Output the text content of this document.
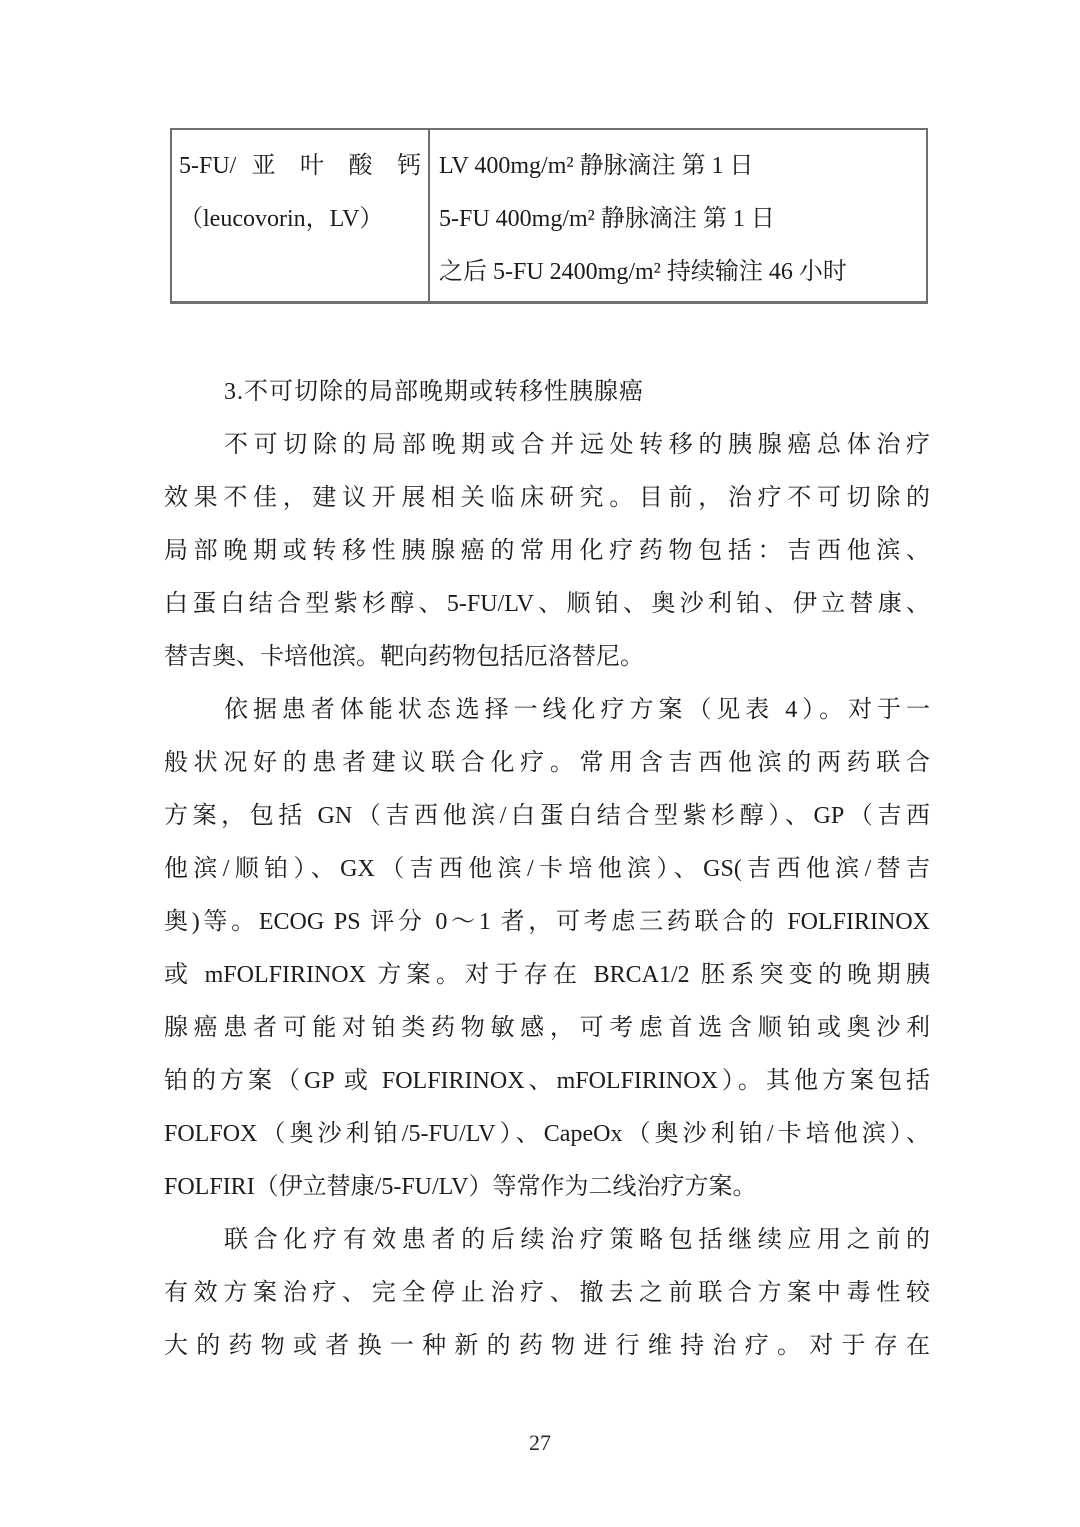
5-FU/ 亚 叶 酸 钙
（leucovorin，LV）
LV 400mg/m² 静脉滴注 第 1 日
5-FU 400mg/m² 静脉滴注 第 1 日
之后 5-FU 2400mg/m² 持续输注 46 小时
3.不可切除的局部晚期或转移性胰腺癌
不可切除的局部晚期或合并远处转移的胰腺癌总体治疗
效果不佳，建议开展相关临床研究。目前，治疗不可切除的
局部晚期或转移性胰腺癌的常用化疗药物包括：吉西他滨、
白蛋白结合型紫杉醇、5-FU/LV、顺铂、奥沙利铂、伊立替康、
替吉奥、卡培他滨。靶向药物包括厄洛替尼。
依据患者体能状态选择一线化疗方案（见表 4）。对于一
般状况好的患者建议联合化疗。常用含吉西他滨的两药联合
方案，包括 GN（吉西他滨/白蛋白结合型紫杉醇）、GP（吉西
他滨/顺铂）、GX（吉西他滨/卡培他滨）、GS(吉西他滨/替吉
奥)等。ECOG PS 评分 0～1 者，可考虑三药联合的 FOLFIRINOX
或 mFOLFIRINOX 方案。对于存在 BRCA1/2 胚系突变的晚期胰
腺癌患者可能对铂类药物敏感，可考虑首选含顺铂或奥沙利
铂的方案（GP 或 FOLFIRINOX、mFOLFIRINOX）。其他方案包括
FOLFOX（奥沙利铂/5-FU/LV）、CapeOx（奥沙利铂/卡培他滨）、
FOLFIRI（伊立替康/5-FU/LV）等常作为二线治疗方案。
联合化疗有效患者的后续治疗策略包括继续应用之前的
有效方案治疗、完全停止治疗、撤去之前联合方案中毒性较
大的药物或者换一种新的药物进行维持治疗。对于存在
27
